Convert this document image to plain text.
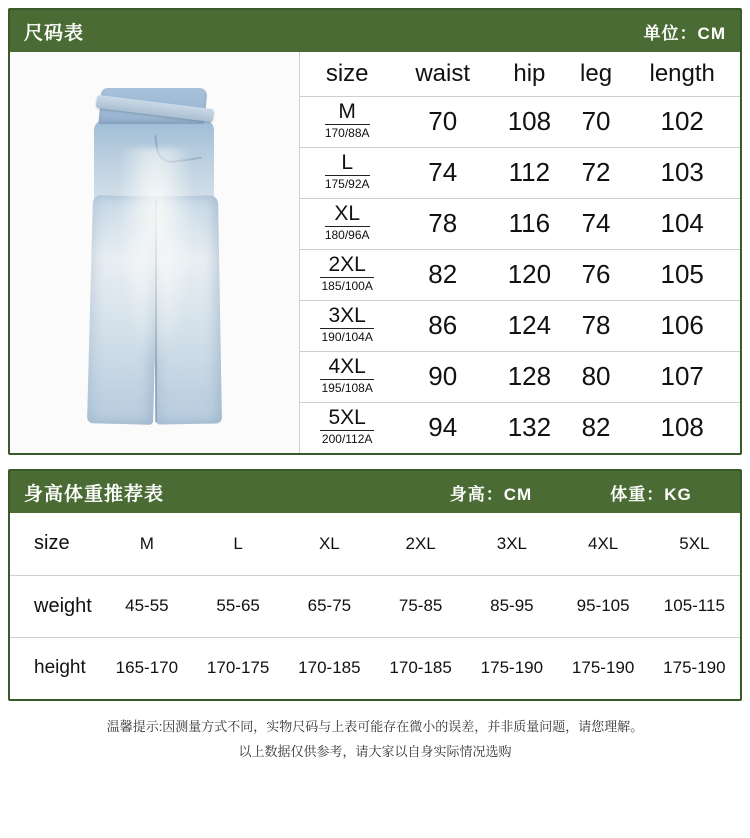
尺码表	单位：CM
size	waist	hip	leg	length

M
170/88A	70	108	70	102

L
175/92A	74	112	72	103

XL
180/96A	78	116	74	104

2XL
185/100A	82	120	76	105

3XL
190/104A	86	124	78	106

4XL
195/108A	90	128	80	107

5XL
200/112A	94	132	82	108
身高体重推荐表	身高：CM	体重：KG
size	M	L	XL	2XL	3XL	4XL	5XL
weight	45-55	55-65	65-75	75-85	85-95	95-105	105-115
height	165-170	170-175	170-185	170-185	175-190	175-190	175-190
温馨提示:因测量方式不同，实物尺码与上表可能存在微小的误差，并非质量问题，请您理解。
以上数据仅供参考，请大家以自身实际情况选购
